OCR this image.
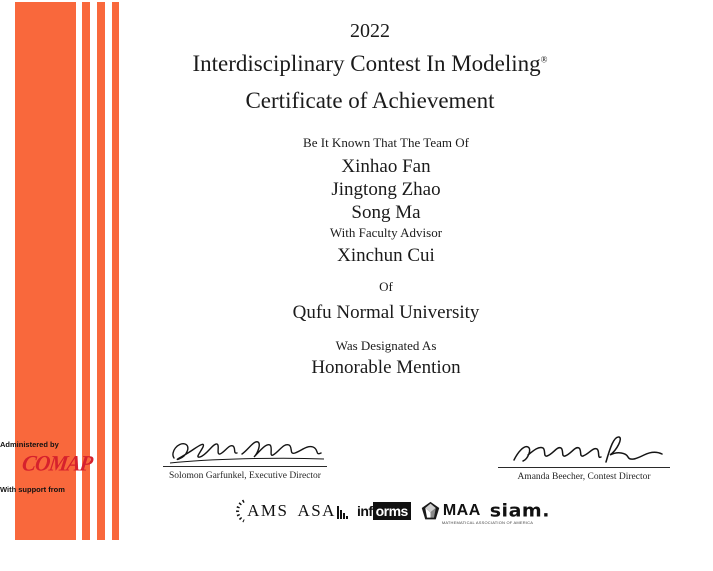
2022
Interdisciplinary Contest In Modeling®
Certificate of Achievement
Be It Known That The Team Of
Xinhao Fan
Jingtong Zhao
Song Ma
With Faculty Advisor
Xinchun Cui
Of
Qufu Normal University
Was Designated As
Honorable Mention
Solomon Garfunkel, Executive Director
Administered by
COMAP
With support from
Amanda Beecher, Contest Director
AMS ASA inf orms MAA
MATHEMATICAL ASSOCIATION OF AMERICA
siam.
